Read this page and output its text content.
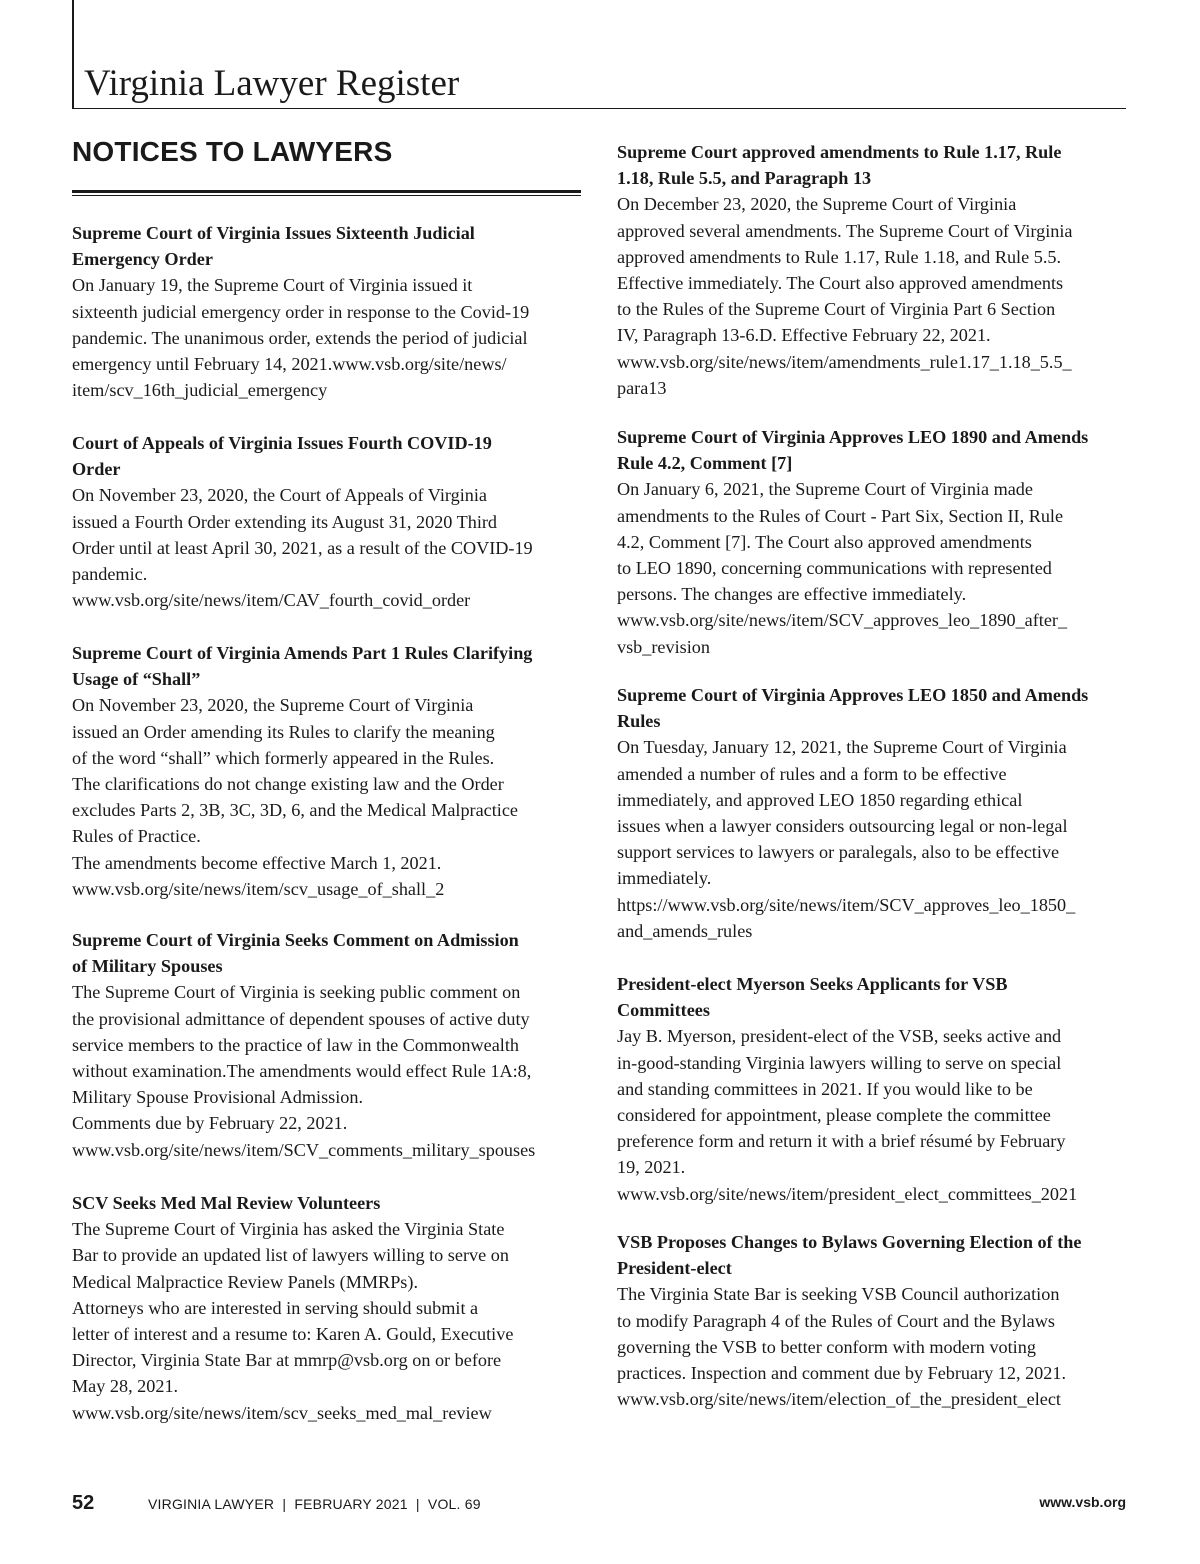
Virginia Lawyer Register
NOTICES TO LAWYERS
Supreme Court of Virginia Issues Sixteenth Judicial
Emergency Order
On January 19, the Supreme Court of Virginia issued it
sixteenth judicial emergency order in response to the Covid-19
pandemic. The unanimous order, extends the period of judicial
emergency until February 14, 2021.www.vsb.org/site/news/
item/scv_16th_judicial_emergency
Court of Appeals of Virginia Issues Fourth COVID-19
Order
On November 23, 2020, the Court of Appeals of Virginia
issued a Fourth Order extending its August 31, 2020 Third
Order until at least April 30, 2021, as a result of the COVID-19
pandemic.
www.vsb.org/site/news/item/CAV_fourth_covid_order
Supreme Court of Virginia Amends Part 1 Rules Clarifying
Usage of “Shall”
On November 23, 2020, the Supreme Court of Virginia
issued an Order amending its Rules to clarify the meaning
of the word “shall” which formerly appeared in the Rules.
The clarifications do not change existing law and the Order
excludes Parts 2, 3B, 3C, 3D, 6, and the Medical Malpractice
Rules of Practice.
The amendments become effective March 1, 2021.
www.vsb.org/site/news/item/scv_usage_of_shall_2
Supreme Court of Virginia Seeks Comment on Admission
of Military Spouses
The Supreme Court of Virginia is seeking public comment on
the provisional admittance of dependent spouses of active duty
service members to the practice of law in the Commonwealth
without examination.The amendments would effect Rule 1A:8,
Military Spouse Provisional Admission.
Comments due by February 22, 2021.
www.vsb.org/site/news/item/SCV_comments_military_spouses
SCV Seeks Med Mal Review Volunteers
The Supreme Court of Virginia has asked the Virginia State
Bar to provide an updated list of lawyers willing to serve on
Medical Malpractice Review Panels (MMRPs).
Attorneys who are interested in serving should submit a
letter of interest and a resume to: Karen A. Gould, Executive
Director, Virginia State Bar at mmrp@vsb.org on or before
May 28, 2021.
www.vsb.org/site/news/item/scv_seeks_med_mal_review
Supreme Court approved amendments to Rule 1.17, Rule
1.18, Rule 5.5, and Paragraph 13
On December 23, 2020, the Supreme Court of Virginia
approved several amendments. The Supreme Court of Virginia
approved amendments to Rule 1.17, Rule 1.18, and Rule 5.5.
Effective immediately. The Court also approved amendments
to the Rules of the Supreme Court of Virginia Part 6 Section
IV, Paragraph 13-6.D. Effective February 22, 2021.
www.vsb.org/site/news/item/amendments_rule1.17_1.18_5.5_
para13
Supreme Court of Virginia Approves LEO 1890 and Amends
Rule 4.2, Comment [7]
On January 6, 2021, the Supreme Court of Virginia made
amendments to the Rules of Court - Part Six, Section II, Rule
4.2, Comment [7]. The Court also approved amendments
to LEO 1890, concerning communications with represented
persons. The changes are effective immediately.
www.vsb.org/site/news/item/SCV_approves_leo_1890_after_
vsb_revision
Supreme Court of Virginia Approves LEO 1850 and Amends
Rules
On Tuesday, January 12, 2021, the Supreme Court of Virginia
amended a number of rules and a form to be effective
immediately, and approved LEO 1850 regarding ethical
issues when a lawyer considers outsourcing legal or non-legal
support services to lawyers or paralegals, also to be effective
immediately.
https://www.vsb.org/site/news/item/SCV_approves_leo_1850_
and_amends_rules
President-elect Myerson Seeks Applicants for VSB
Committees
Jay B. Myerson, president-elect of the VSB, seeks active and
in-good-standing Virginia lawyers willing to serve on special
and standing committees in 2021. If you would like to be
considered for appointment, please complete the committee
preference form and return it with a brief résumé by February
19, 2021.
www.vsb.org/site/news/item/president_elect_committees_2021
VSB Proposes Changes to Bylaws Governing Election of the
President-elect
The Virginia State Bar is seeking VSB Council authorization
to modify Paragraph 4 of the Rules of Court and the Bylaws
governing the VSB to better conform with modern voting
practices. Inspection and comment due by February 12, 2021.
www.vsb.org/site/news/item/election_of_the_president_elect
52	VIRGINIA LAWYER  |  FEBRUARY 2021  |  VOL. 69	www.vsb.org
